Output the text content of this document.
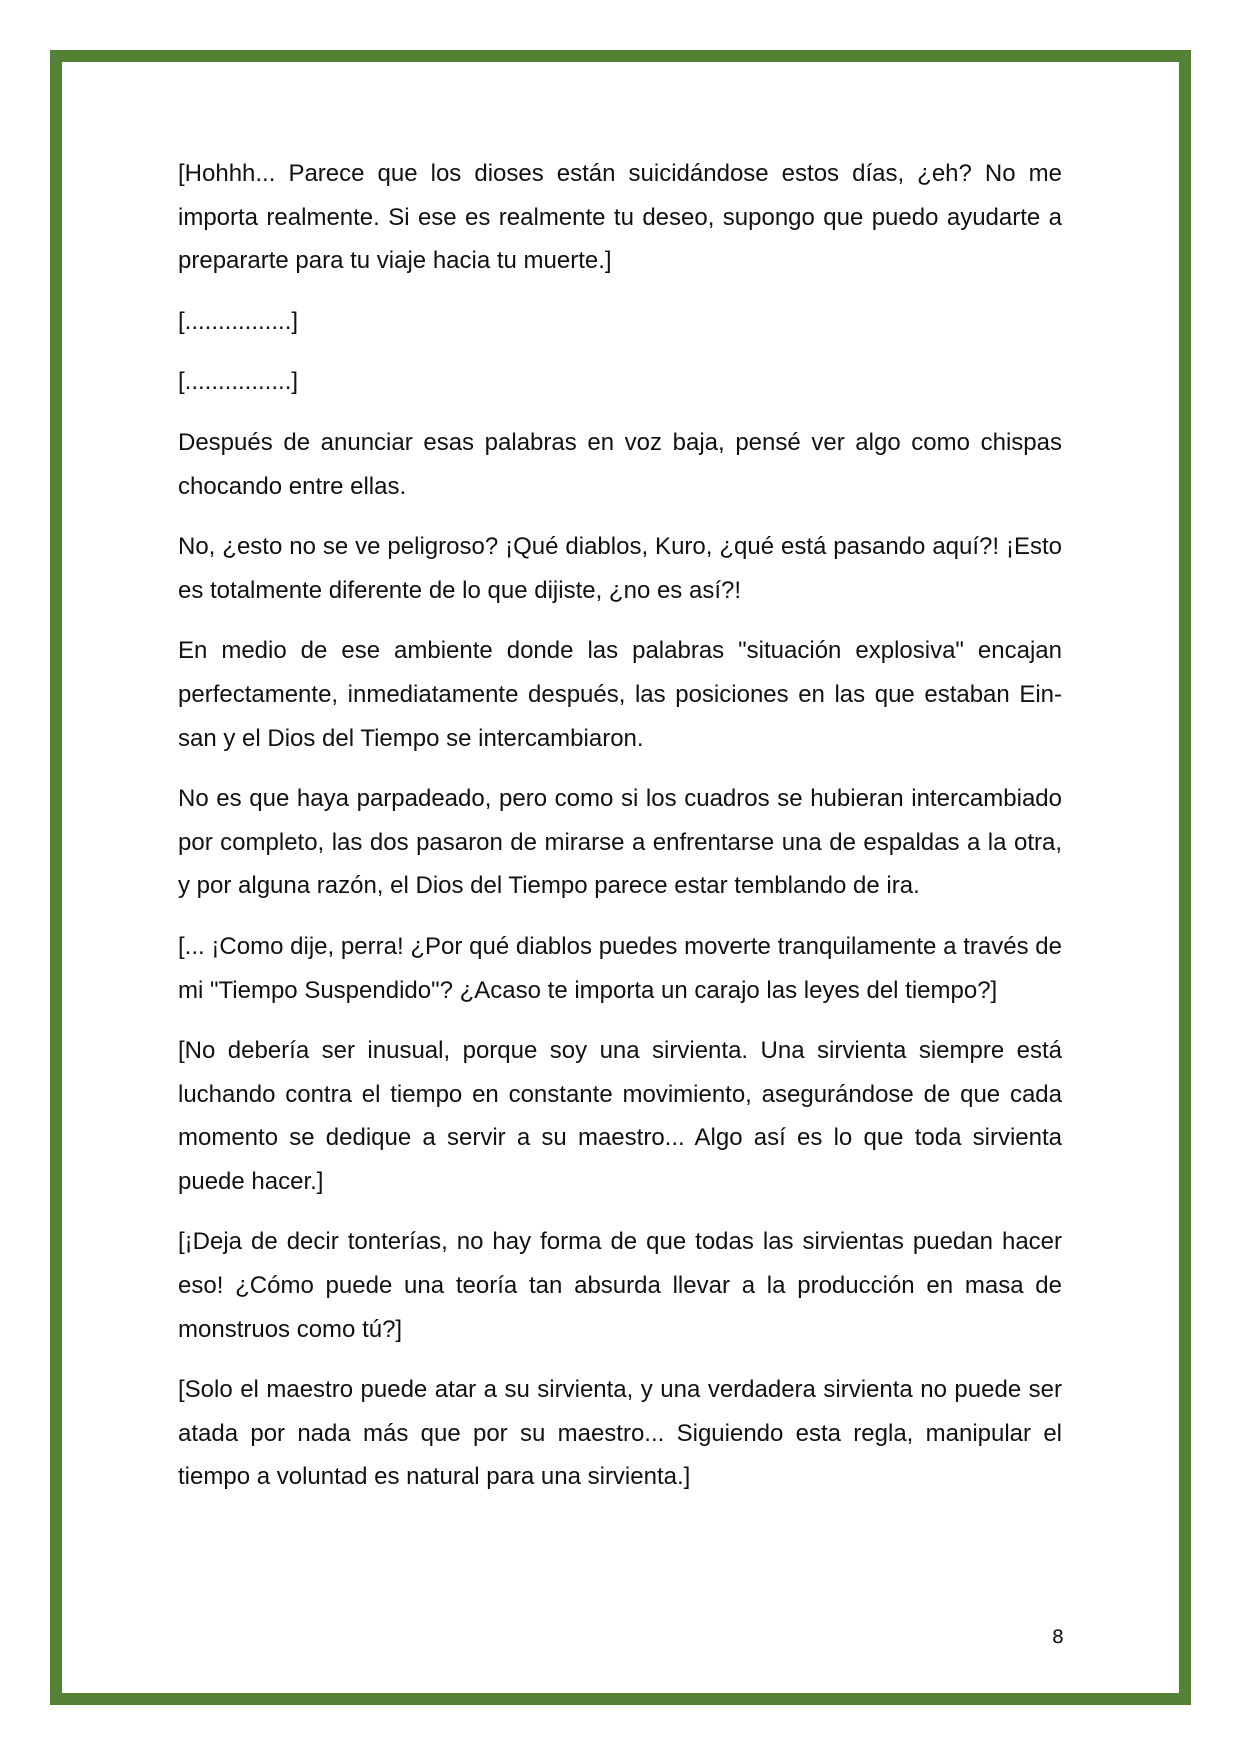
[Hohhh... Parece que los dioses están suicidándose estos días, ¿eh? No me importa realmente. Si ese es realmente tu deseo, supongo que puedo ayudarte a prepararte para tu viaje hacia tu muerte.]

[................]

[................]

Después de anunciar esas palabras en voz baja, pensé ver algo como chispas chocando entre ellas.

No, ¿esto no se ve peligroso? ¡Qué diablos, Kuro, ¿qué está pasando aquí?! ¡Esto es totalmente diferente de lo que dijiste, ¿no es así?!

En medio de ese ambiente donde las palabras "situación explosiva" encajan perfectamente, inmediatamente después, las posiciones en las que estaban Ein-san y el Dios del Tiempo se intercambiaron.

No es que haya parpadeado, pero como si los cuadros se hubieran intercambiado por completo, las dos pasaron de mirarse a enfrentarse una de espaldas a la otra, y por alguna razón, el Dios del Tiempo parece estar temblando de ira.

[... ¡Como dije, perra! ¿Por qué diablos puedes moverte tranquilamente a través de mi "Tiempo Suspendido"? ¿Acaso te importa un carajo las leyes del tiempo?]

[No debería ser inusual, porque soy una sirvienta. Una sirvienta siempre está luchando contra el tiempo en constante movimiento, asegurándose de que cada momento se dedique a servir a su maestro... Algo así es lo que toda sirvienta puede hacer.]

[¡Deja de decir tonterías, no hay forma de que todas las sirvientas puedan hacer eso! ¿Cómo puede una teoría tan absurda llevar a la producción en masa de monstruos como tú?]

[Solo el maestro puede atar a su sirvienta, y una verdadera sirvienta no puede ser atada por nada más que por su maestro... Siguiendo esta regla, manipular el tiempo a voluntad es natural para una sirvienta.]

8
